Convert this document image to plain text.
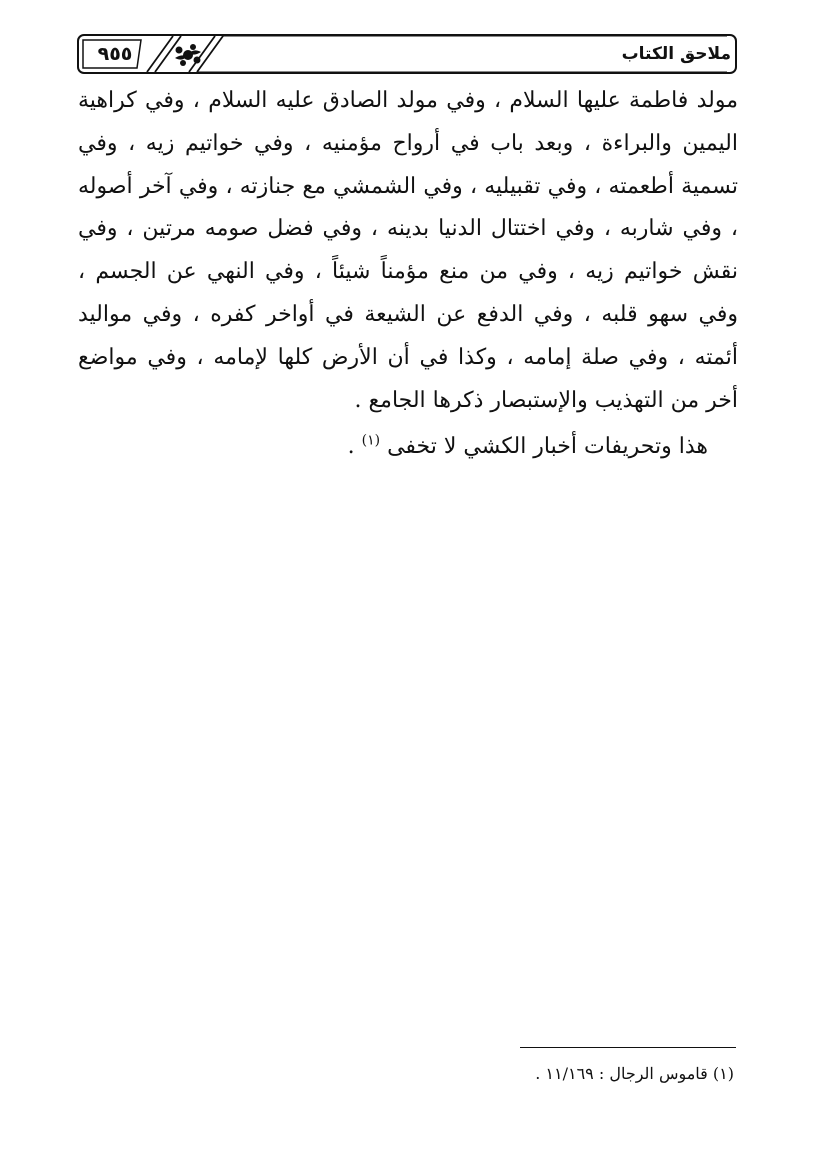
٩٥٥	ملاحق الكتاب

مولد فاطمة عليها السلام ، وفي مولد الصادق عليه السلام ، وفي كراهية اليمين والبراءة ، وبعد باب في أرواح مؤمنيه ، وفي خواتيم زيه ، وفي تسمية أطعمته ، وفي تقبيليه ، وفي الشمشي مع جنازته ، وفي آخر أصوله ، وفي شاربه ، وفي اختتال الدنيا بدينه ، وفي فضل صومه مرتين ، وفي نقش خواتيم زيه ، وفي من منع مؤمناً شيئاً ، وفي النهي عن الجسم ، وفي سهو قلبه ، وفي الدفع عن الشيعة في أواخر كفره ، وفي مواليد أئمته ، وفي صلة إمامه ، وكذا في أن الأرض كلها لإمامه ، وفي مواضع أخر من التهذيب والإستبصار ذكرها الجامع .

هذا وتحريفات أخبار الكشي لا تخفى $^{(١)}$ .

(١) قاموس الرجال : ١١/١٦٩ .
